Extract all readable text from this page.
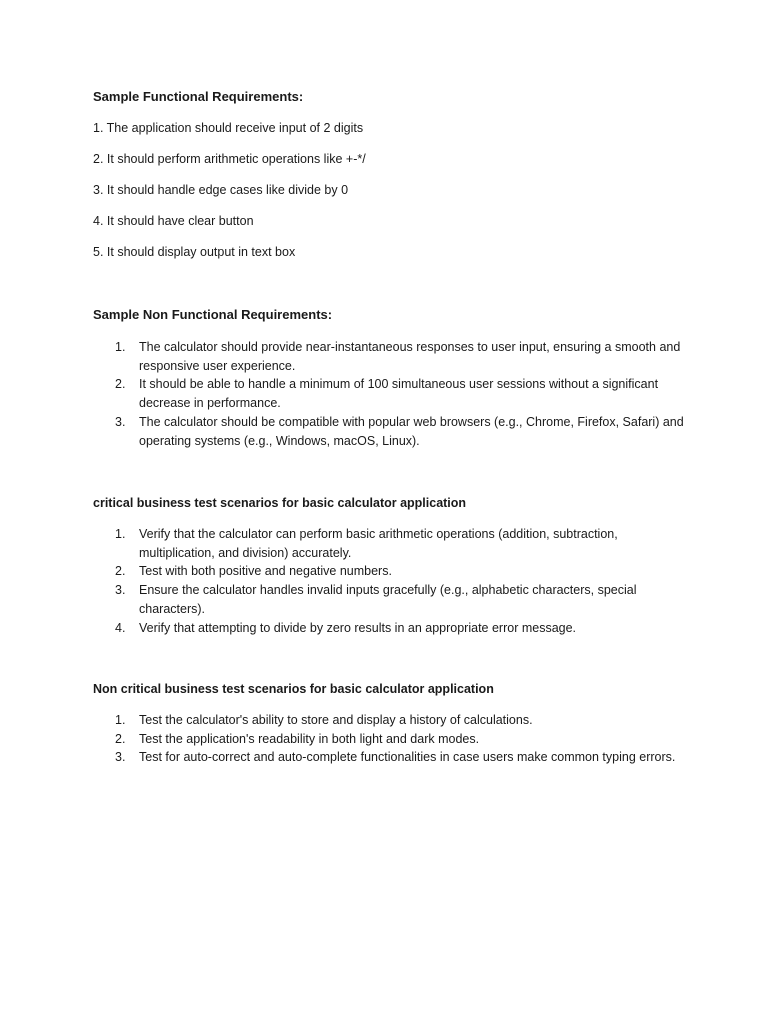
Sample Functional Requirements:
1. The application should receive input of 2 digits
2. It should perform arithmetic operations like +-*/
3. It should handle edge cases like divide by 0
4. It should have clear button
5. It should display output in text box
Sample Non Functional Requirements:
1. The calculator should provide near-instantaneous responses to user input, ensuring a smooth and responsive user experience.
2. It should be able to handle a minimum of 100 simultaneous user sessions without a significant decrease in performance.
3. The calculator should be compatible with popular web browsers (e.g., Chrome, Firefox, Safari) and operating systems (e.g., Windows, macOS, Linux).
critical business test scenarios for basic calculator application
1. Verify that the calculator can perform basic arithmetic operations (addition, subtraction, multiplication, and division) accurately.
2. Test with both positive and negative numbers.
3. Ensure the calculator handles invalid inputs gracefully (e.g., alphabetic characters, special characters).
4. Verify that attempting to divide by zero results in an appropriate error message.
Non critical business test scenarios for basic calculator application
1. Test the calculator's ability to store and display a history of calculations.
2. Test the application's readability in both light and dark modes.
3. Test for auto-correct and auto-complete functionalities in case users make common typing errors.
